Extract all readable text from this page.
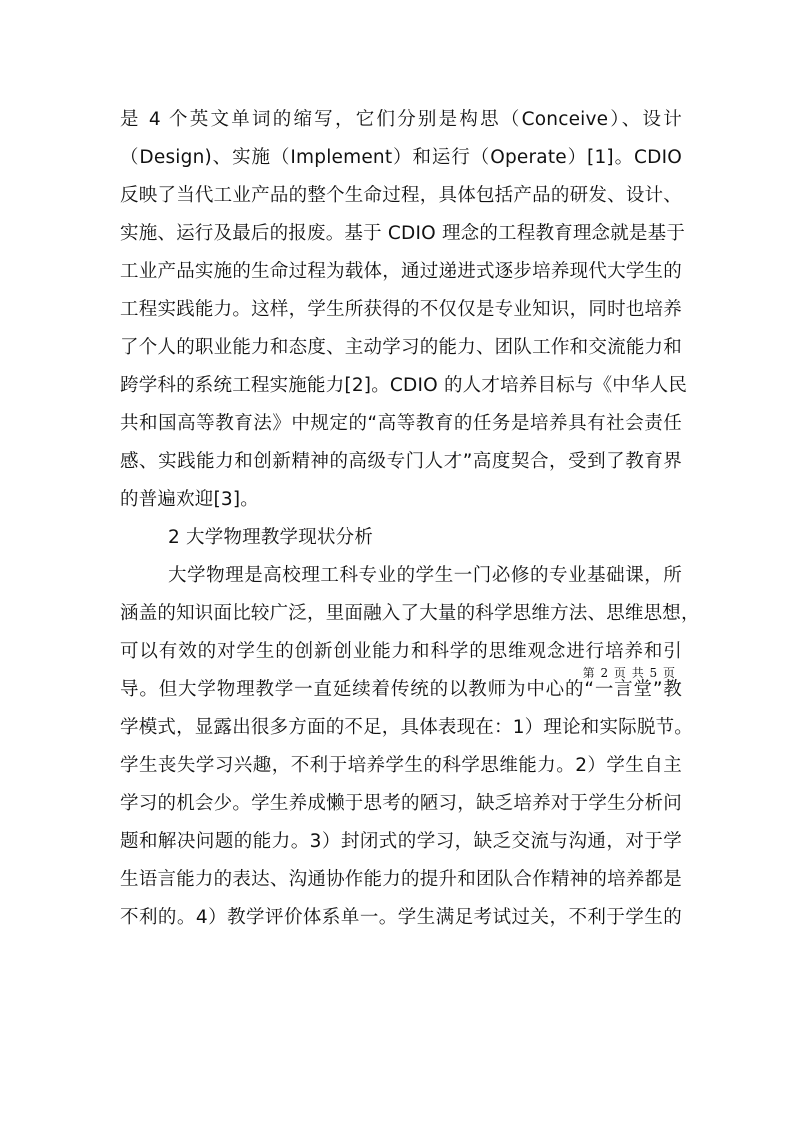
是 4 个英文单词的缩写，它们分别是构思（Conceive）、设计
（Design)、实施（Implement）和运行（Operate）[1]。CDIO
反映了当代工业产品的整个生命过程，具体包括产品的研发、设计、
实施、运行及最后的报废。基于 CDIO 理念的工程教育理念就是基于
工业产品实施的生命过程为载体，通过递进式逐步培养现代大学生的
工程实践能力。这样，学生所获得的不仅仅是专业知识，同时也培养
了个人的职业能力和态度、主动学习的能力、团队工作和交流能力和
跨学科的系统工程实施能力[2]。CDIO 的人才培养目标与《中华人民
共和国高等教育法》中规定的“高等教育的任务是培养具有社会责任
感、实践能力和创新精神的高级专门人才”高度契合，受到了教育界
的普遍欢迎[3]。
2 大学物理教学现状分析
大学物理是高校理工科专业的学生一门必修的专业基础课，所
涵盖的知识面比较广泛，里面融入了大量的科学思维方法、思维思想，
可以有效的对学生的创新创业能力和科学的思维观念进行培养和引
导。但大学物理教学一直延续着传统的以教师为中心的“一言堂”教
学模式，显露出很多方面的不足，具体表现在：1）理论和实际脱节。
学生丧失学习兴趣，不利于培养学生的科学思维能力。2）学生自主
学习的机会少。学生养成懒于思考的陋习，缺乏培养对于学生分析问
题和解决问题的能力。3）封闭式的学习，缺乏交流与沟通，对于学
生语言能力的表达、沟通协作能力的提升和团队合作精神的培养都是
不利的。4）教学评价体系单一。学生满足考试过关，不利于学生的
第 2 页 共 5 页
